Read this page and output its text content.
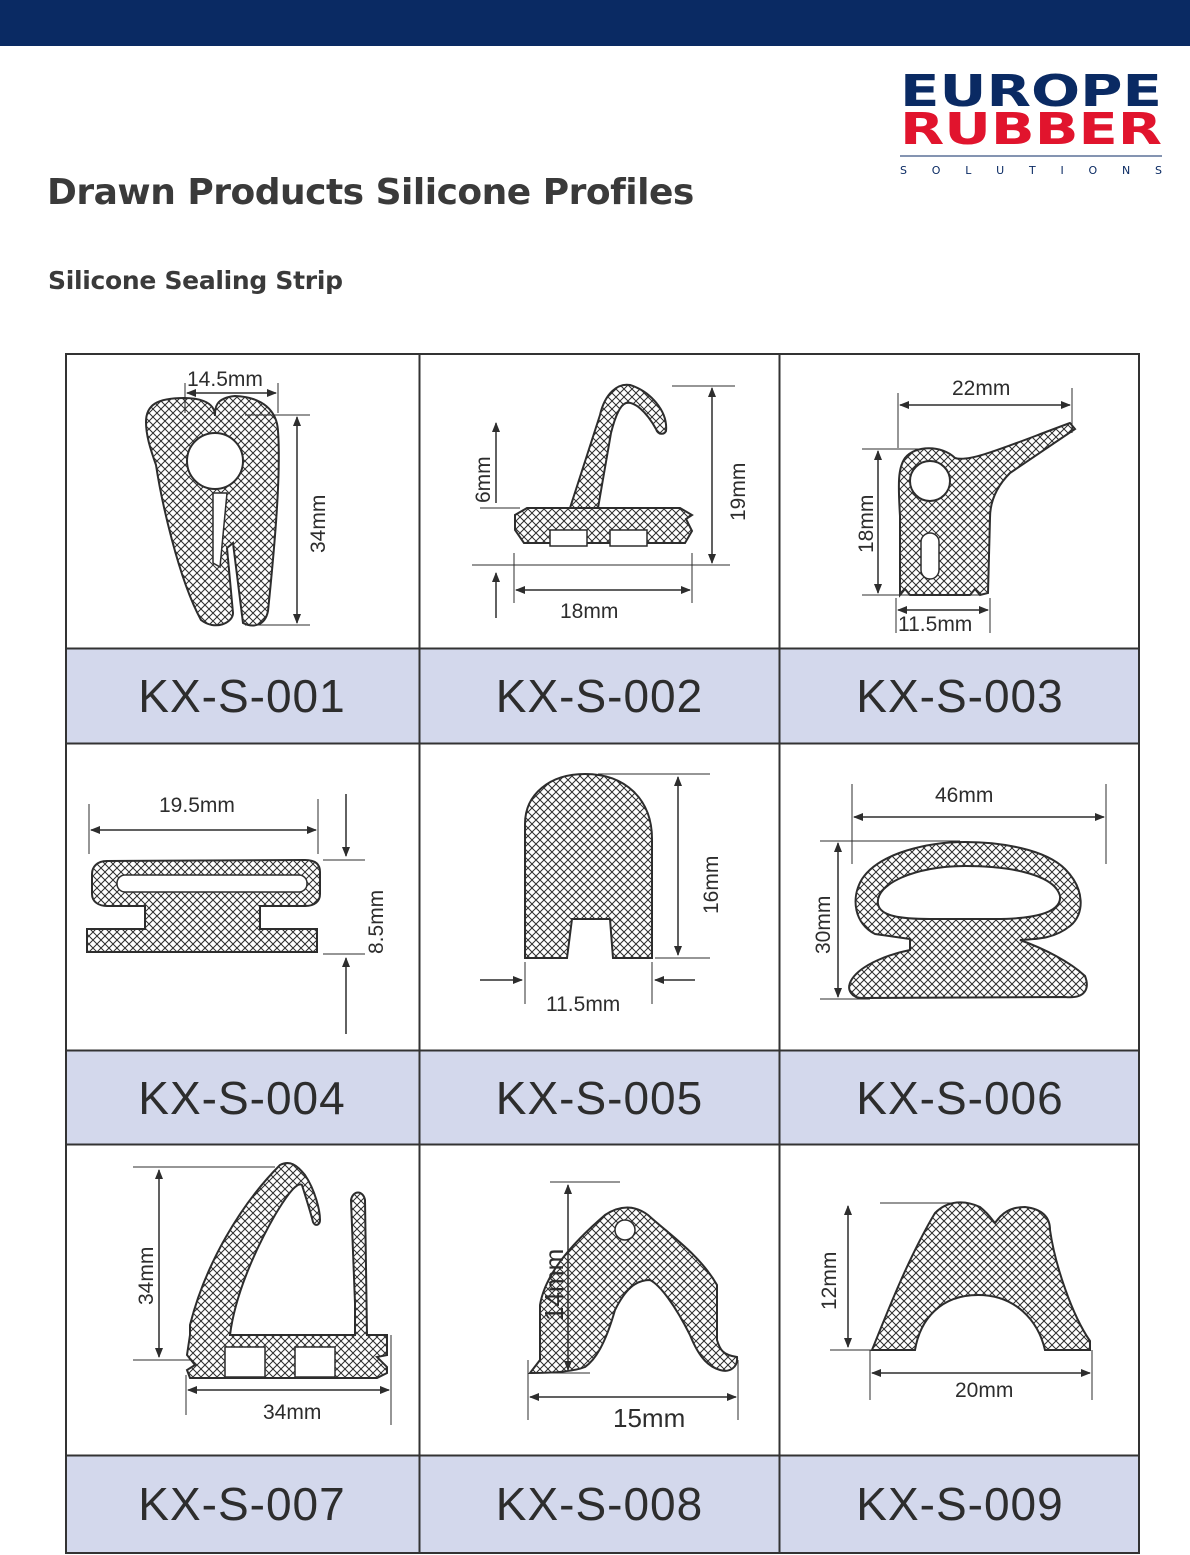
EUROPE
RUBBER
S O L U T I O N S
Drawn Products Silicone Profiles
Silicone Sealing Strip
14.5mm
34mm
6mm	19mm
18mm
22mm
18mm
11.5mm
KX-S-001	KX-S-002	KX-S-003
19.5mm
8.5mm
16mm
11.5mm
46mm
30mm
KX-S-004	KX-S-005	KX-S-006
34mm
34mm
14mm
15mm
12mm
20mm
KX-S-007	KX-S-008	KX-S-009
